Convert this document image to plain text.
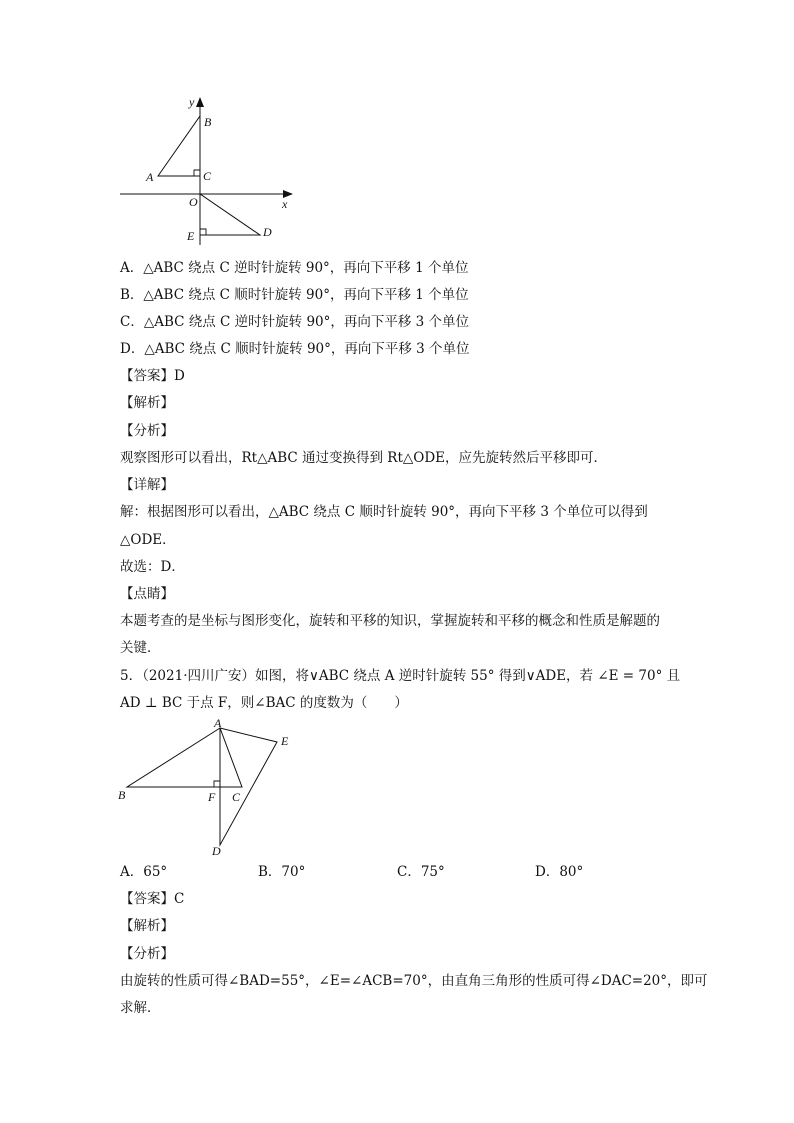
y
B
A	C
O	x
E	D
A．△ABC 绕点 C 逆时针旋转 90°，再向下平移 1 个单位
B．△ABC 绕点 C 顺时针旋转 90°，再向下平移 1 个单位
C．△ABC 绕点 C 逆时针旋转 90°，再向下平移 3 个单位
D．△ABC 绕点 C 顺时针旋转 90°，再向下平移 3 个单位
【答案】D
【解析】
【分析】
观察图形可以看出，Rt△ABC 通过变换得到 Rt△ODE，应先旋转然后平移即可．
【详解】
解：根据图形可以看出，△ABC 绕点 C 顺时针旋转 90°，再向下平移 3 个单位可以得到
△ODE．
故选：D．
【点睛】
本题考查的是坐标与图形变化，旋转和平移的知识，掌握旋转和平移的概念和性质是解题的
关键．
5．（2021·四川广安）如图，将∨ABC 绕点 A 逆时针旋转 55° 得到∨ADE，若 ∠E = 70° 且
AD ⊥ BC 于点 F，则∠BAC 的度数为（　　）
A
E
B	F C
D
A．65°	B．70°	C．75°	D．80°
【答案】C
【解析】
【分析】
由旋转的性质可得∠BAD=55°，∠E=∠ACB=70°，由直角三角形的性质可得∠DAC=20°，即可
求解．
